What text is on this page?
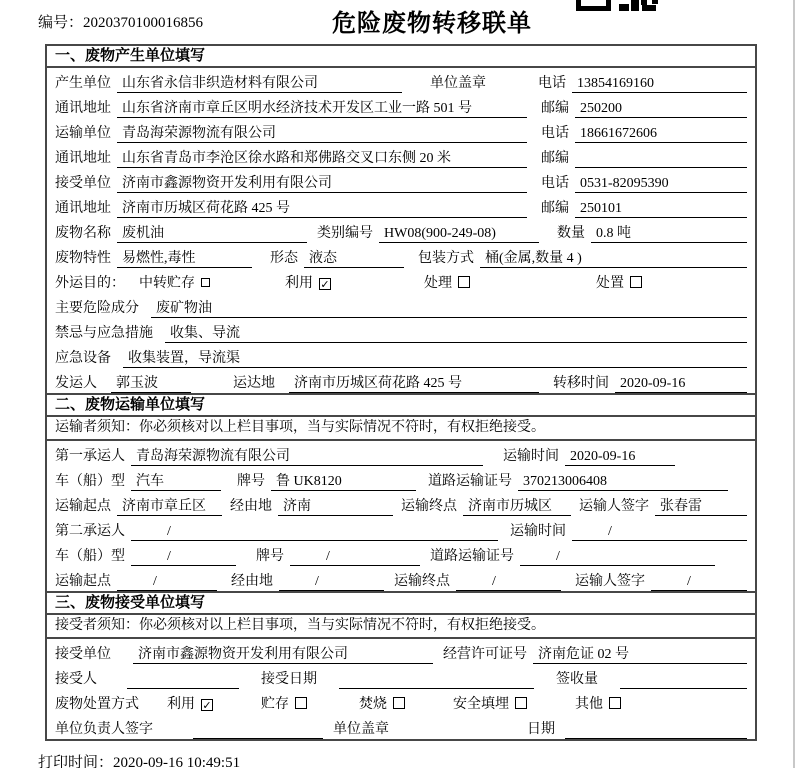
编号：2020370100016856	危险废物转移联单
一、废物产生单位填写
产生单位 山东省永信非织造材料有限公司	单位盖章	电话 13854169160
通讯地址 山东省济南市章丘区明水经济技术开发区工业一路 501 号	邮编 250200
运输单位 青岛海荣源物流有限公司	电话 18661672606
通讯地址 山东省青岛市李沧区徐水路和郑佛路交叉口东侧 20 米	邮编
接受单位 济南市鑫源物资开发利用有限公司	电话 0531-82095390
通讯地址 济南市历城区荷花路 425 号	邮编 250101
废物名称 废机油	类别编号 HW08(900-249-08)	数量 0.8 吨
废物特性 易燃性,毒性	形态 液态	包装方式 桶(金属,数量 4 )
外运目的： 中转贮存	利用 ✓	处理	处置
主要危险成分	废矿物油
禁忌与应急措施	收集、导流
应急设备	收集装置，导流渠
发运人	郭玉波	运达地	济南市历城区荷花路 425 号	转移时间 2020-09-16
二、废物运输单位填写
运输者须知：你必须核对以上栏目事项，当与实际情况不符时，有权拒绝接受。
第一承运人 青岛海荣源物流有限公司	运输时间 2020-09-16
车（船）型 汽车	牌号 鲁 UK8120	道路运输证号 370213006408
运输起点 济南市章丘区	经由地 济南	运输终点 济南市历城区	运输人签字 张春雷
第二承运人	/	运输时间	/
车（船）型	/	牌号	/	道路运输证号	/
运输起点	/	经由地	/	运输终点	/	运输人签字	/
三、废物接受单位填写
接受者须知：你必须核对以上栏目事项，当与实际情况不符时，有权拒绝接受。
接受单位	济南市鑫源物资开发利用有限公司	经营许可证号 济南危证 02 号
接受人	接受日期	签收量
废物处置方式 利用 ✓	贮存	焚烧	安全填埋	其他
单位负责人签字	单位盖章	日期
打印时间：2020-09-16 10:49:51
